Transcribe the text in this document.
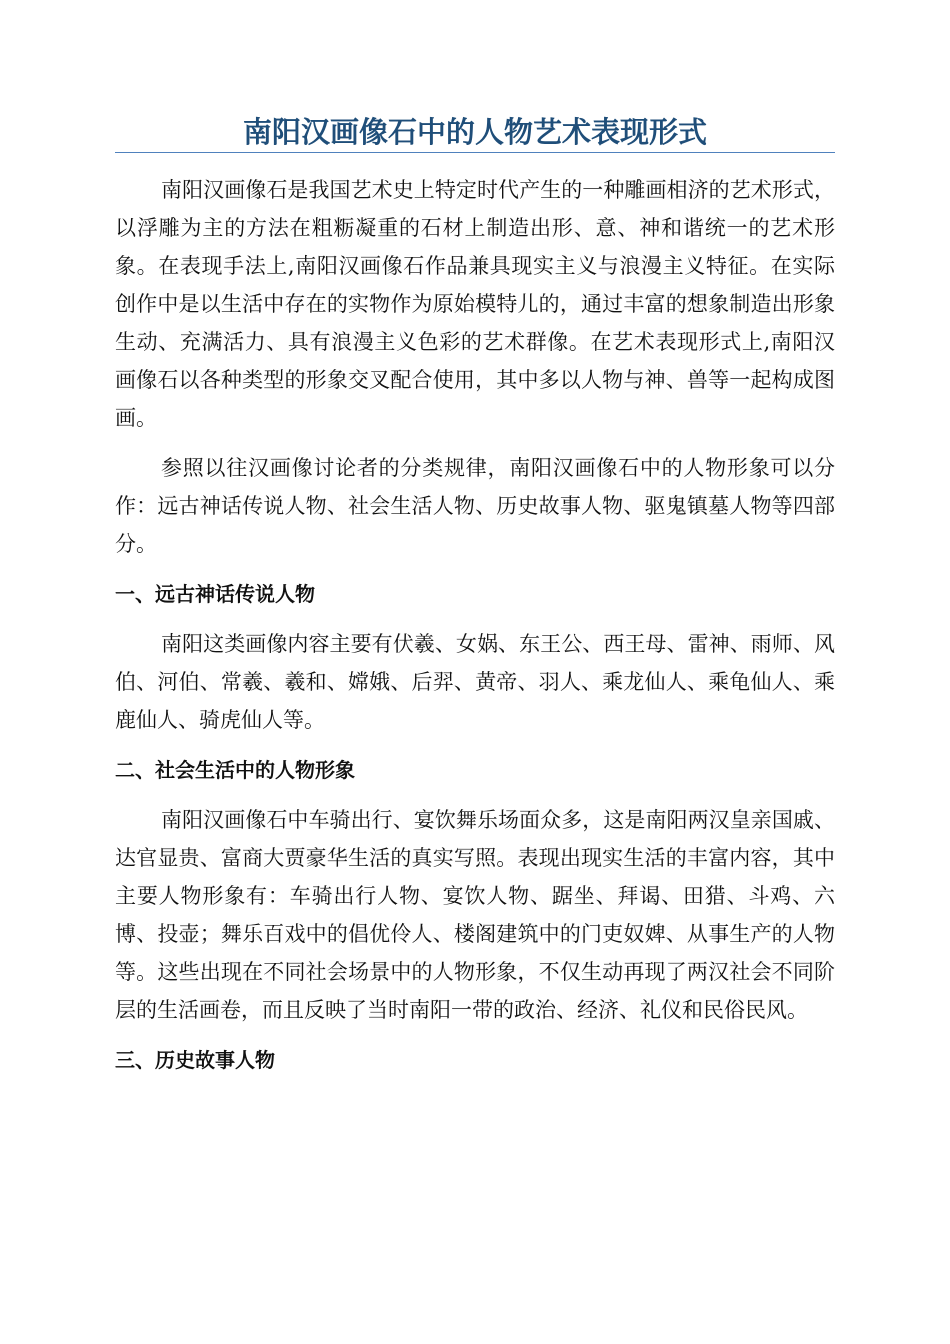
南阳汉画像石中的人物艺术表现形式

南阳汉画像石是我国艺术史上特定时代产生的一种雕画相济的艺术形式，以浮雕为主的方法在粗粝凝重的石材上制造出形、意、神和谐统一的艺术形象。在表现手法上,南阳汉画像石作品兼具现实主义与浪漫主义特征。在实际创作中是以生活中存在的实物作为原始模特儿的，通过丰富的想象制造出形象生动、充满活力、具有浪漫主义色彩的艺术群像。在艺术表现形式上,南阳汉画像石以各种类型的形象交叉配合使用，其中多以人物与神、兽等一起构成图画。

参照以往汉画像讨论者的分类规律，南阳汉画像石中的人物形象可以分作：远古神话传说人物、社会生活人物、历史故事人物、驱鬼镇墓人物等四部分。

一、远古神话传说人物

南阳这类画像内容主要有伏羲、女娲、东王公、西王母、雷神、雨师、风伯、河伯、常羲、羲和、嫦娥、后羿、黄帝、羽人、乘龙仙人、乘龟仙人、乘鹿仙人、骑虎仙人等。

二、社会生活中的人物形象

南阳汉画像石中车骑出行、宴饮舞乐场面众多，这是南阳两汉皇亲国戚、达官显贵、富商大贾豪华生活的真实写照。表现出现实生活的丰富内容，其中主要人物形象有：车骑出行人物、宴饮人物、踞坐、拜谒、田猎、斗鸡、六博、投壶；舞乐百戏中的倡优伶人、楼阁建筑中的门吏奴婢、从事生产的人物等。这些出现在不同社会场景中的人物形象，不仅生动再现了两汉社会不同阶层的生活画卷，而且反映了当时南阳一带的政治、经济、礼仪和民俗民风。

三、历史故事人物
